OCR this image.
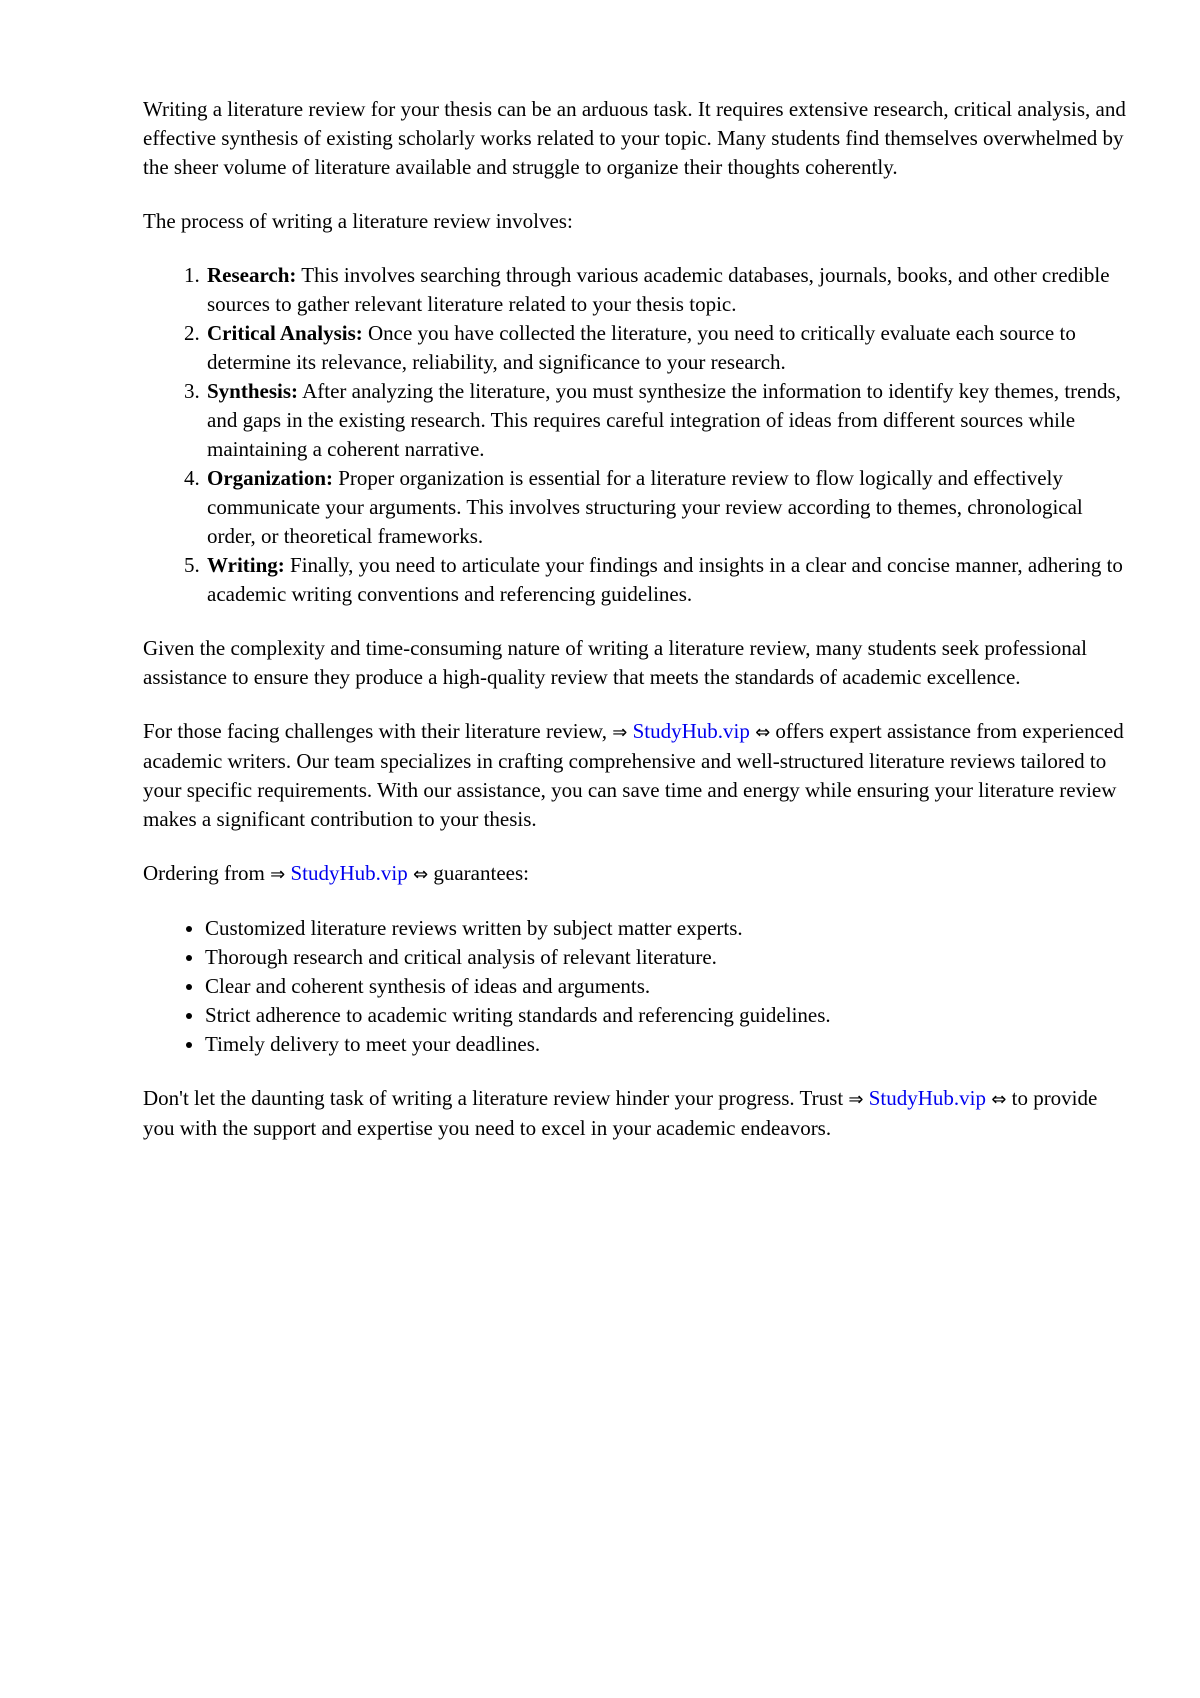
Writing a literature review for your thesis can be an arduous task. It requires extensive research, critical analysis, and effective synthesis of existing scholarly works related to your topic. Many students find themselves overwhelmed by the sheer volume of literature available and struggle to organize their thoughts coherently.

The process of writing a literature review involves:

1. Research: This involves searching through various academic databases, journals, books, and other credible sources to gather relevant literature related to your thesis topic.
2. Critical Analysis: Once you have collected the literature, you need to critically evaluate each source to determine its relevance, reliability, and significance to your research.
3. Synthesis: After analyzing the literature, you must synthesize the information to identify key themes, trends, and gaps in the existing research. This requires careful integration of ideas from different sources while maintaining a coherent narrative.
4. Organization: Proper organization is essential for a literature review to flow logically and effectively communicate your arguments. This involves structuring your review according to themes, chronological order, or theoretical frameworks.
5. Writing: Finally, you need to articulate your findings and insights in a clear and concise manner, adhering to academic writing conventions and referencing guidelines.

Given the complexity and time-consuming nature of writing a literature review, many students seek professional assistance to ensure they produce a high-quality review that meets the standards of academic excellence.

For those facing challenges with their literature review, ⇒ StudyHub.vip ⇔ offers expert assistance from experienced academic writers. Our team specializes in crafting comprehensive and well-structured literature reviews tailored to your specific requirements. With our assistance, you can save time and energy while ensuring your literature review makes a significant contribution to your thesis.

Ordering from ⇒ StudyHub.vip ⇔ guarantees:

• Customized literature reviews written by subject matter experts.
• Thorough research and critical analysis of relevant literature.
• Clear and coherent synthesis of ideas and arguments.
• Strict adherence to academic writing standards and referencing guidelines.
• Timely delivery to meet your deadlines.

Don't let the daunting task of writing a literature review hinder your progress. Trust ⇒ StudyHub.vip ⇔ to provide you with the support and expertise you need to excel in your academic endeavors.
